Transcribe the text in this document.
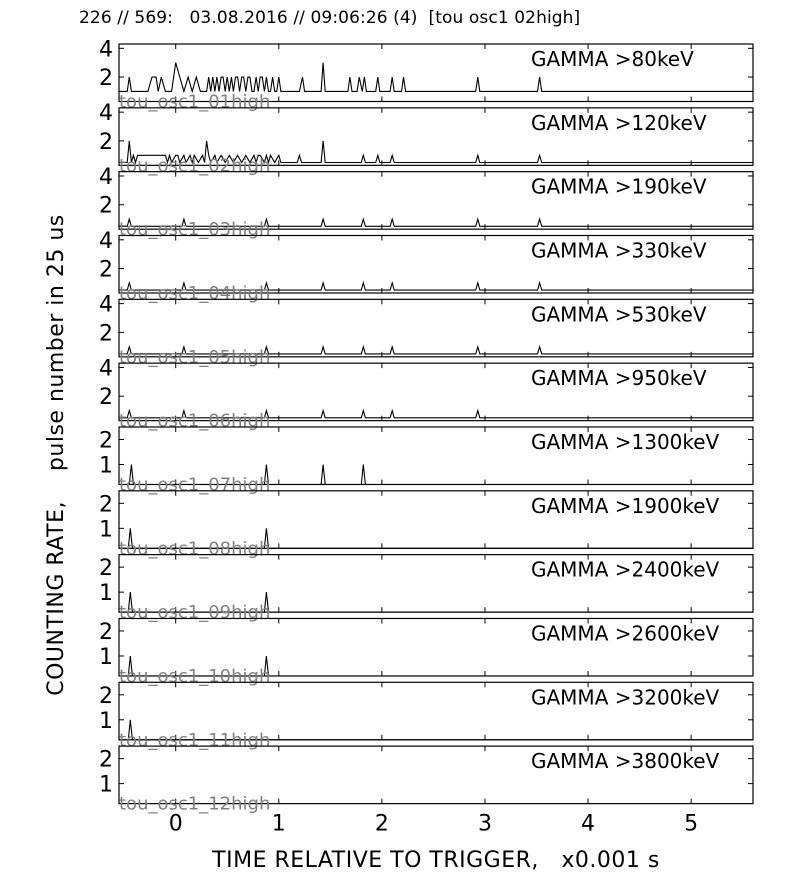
226 // 569:   03.08.2016 // 09:06:26 (4)  [tou osc1 02high]
COUNTING RATE,    pulse number in 25 us
TIME RELATIVE TO TRIGGER,   x0.001 s
2
4	GAMMA >80keV
tou_osc1_01high
2
4	GAMMA >120keV
tou_osc1_02high
2
4	GAMMA >190keV
tou_osc1_03high
2
4	GAMMA >330keV
tou_osc1_04high
2
4	GAMMA >530keV
tou_osc1_05high
2
4	GAMMA >950keV
tou_osc1_06high
1
2	GAMMA >1300keV
tou_osc1_07high
1
2	GAMMA >1900keV
tou_osc1_08high
1
2	GAMMA >2400keV
tou_osc1_09high
1
2	GAMMA >2600keV
tou_osc1_10high
1
2	GAMMA >3200keV
tou_osc1_11high
1
2	GAMMA >3800keV
tou_osc1_12high
0	1	2	3	4	5
